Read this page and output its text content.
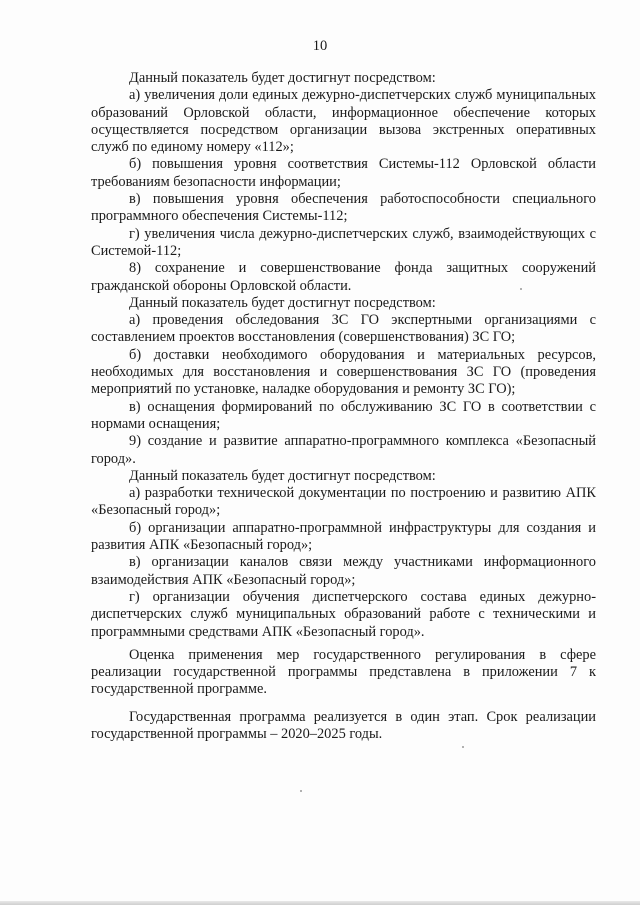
10

Данный показатель будет достигнут посредством:

а) увеличения доли единых дежурно-диспетчерских служб муниципальных образований Орловской области, информационное обеспечение которых осуществляется посредством организации вызова экстренных оперативных служб по единому номеру «112»;

б) повышения уровня соответствия Системы-112 Орловской области требованиям безопасности информации;

в) повышения уровня обеспечения работоспособности специального программного обеспечения Системы-112;

г) увеличения числа дежурно-диспетчерских служб, взаимодействующих с Системой-112;

8) сохранение и совершенствование фонда защитных сооружений гражданской обороны Орловской области.

Данный показатель будет достигнут посредством:

а) проведения обследования ЗС ГО экспертными организациями с составлением проектов восстановления (совершенствования) ЗС ГО;

б) доставки необходимого оборудования и материальных ресурсов, необходимых для восстановления и совершенствования ЗС ГО (проведения мероприятий по установке, наладке оборудования и ремонту ЗС ГО);

в) оснащения формирований по обслуживанию ЗС ГО в соответствии с нормами оснащения;

9) создание и развитие аппаратно-программного комплекса «Безопасный город».

Данный показатель будет достигнут посредством:

а) разработки технической документации по построению и развитию АПК «Безопасный город»;

б) организации аппаратно-программной инфраструктуры для создания и развития АПК «Безопасный город»;

в) организации каналов связи между участниками информационного взаимодействия АПК «Безопасный город»;

г) организации обучения диспетчерского состава единых дежурно-диспетчерских служб муниципальных образований работе с техническими и программными средствами АПК «Безопасный город».

Оценка применения мер государственного регулирования в сфере реализации государственной программы представлена в приложении 7 к государственной программе.

Государственная программа реализуется в один этап. Срок реализации государственной программы – 2020–2025 годы.
